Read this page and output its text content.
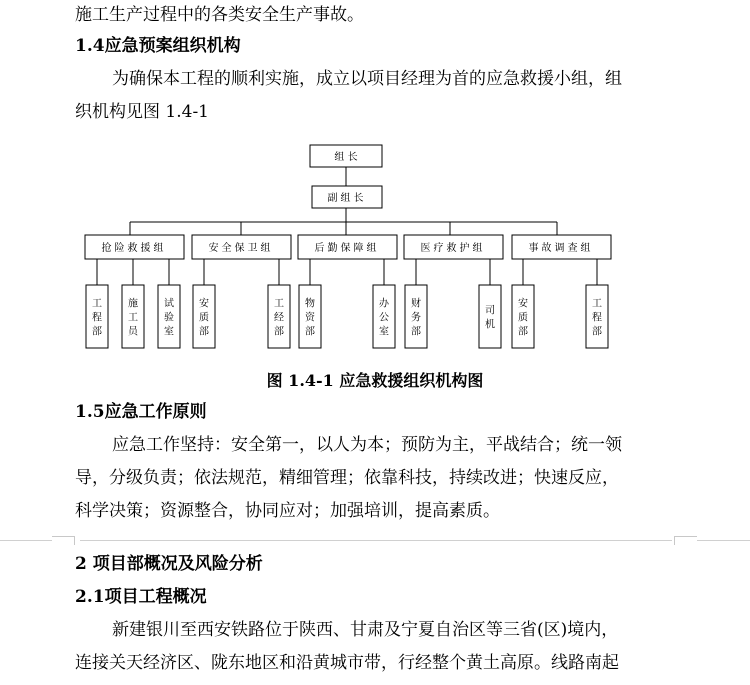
施工生产过程中的各类安全生产事故。
1.4应急预案组织机构
为确保本工程的顺利实施，成立以项目经理为首的应急救援小组，组
织机构见图 1.4-1
组 长
副组长
抢险救援组	安全保卫组	后勤保障组	医疗救护组	事故调查组
工程部
施工员
试验室
安质部
工经部
物资部
办公室
财务部
司机
安质部
工程部
图 1.4-1 应急救援组织机构图
1.5应急工作原则
应急工作坚持：安全第一，以人为本；预防为主，平战结合；统一领
导，分级负责；依法规范，精细管理；依靠科技，持续改进；快速反应，
科学决策；资源整合，协同应对；加强培训，提高素质。
2 项目部概况及风险分析
2.1项目工程概况
新建银川至西安铁路位于陕西、甘肃及宁夏自治区等三省(区)境内，
连接关天经济区、陇东地区和沿黄城市带，行经整个黄土高原。线路南起
